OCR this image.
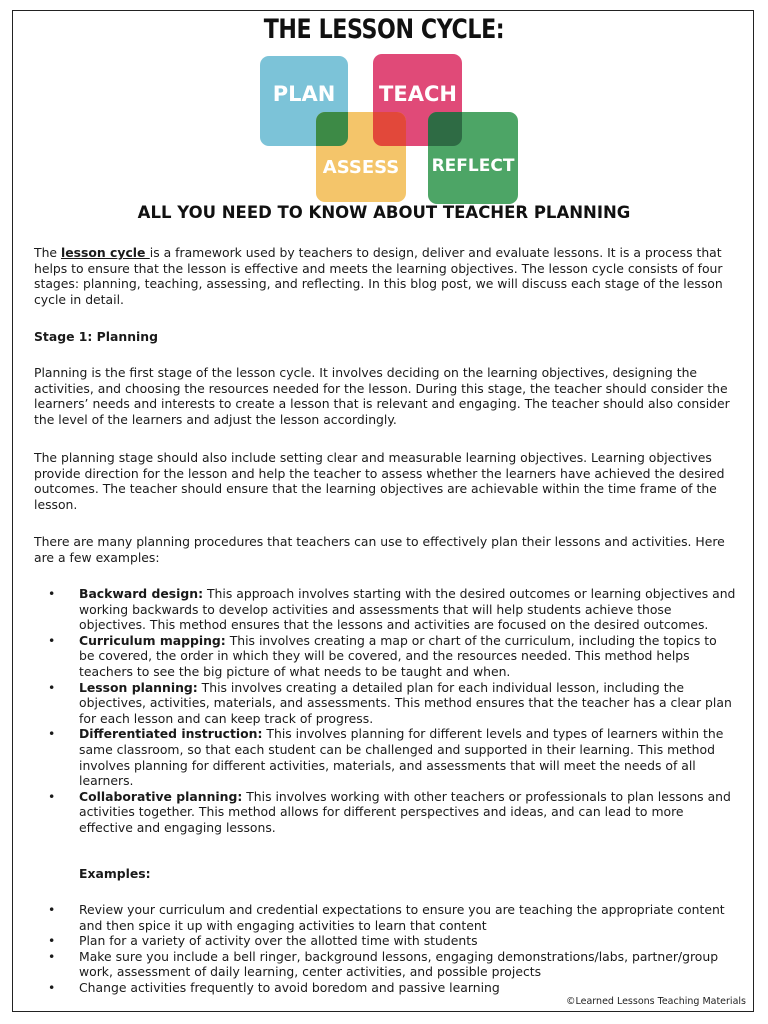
THE LESSON CYCLE:
PLAN TEACH
ASSESS REFLECT
ALL YOU NEED TO KNOW ABOUT TEACHER PLANNING
The lesson cycle is a framework used by teachers to design, deliver and evaluate lessons. It is a process that helps to ensure that the lesson is effective and meets the learning objectives. The lesson cycle consists of four stages: planning, teaching, assessing, and reflecting. In this blog post, we will discuss each stage of the lesson cycle in detail.
Stage 1: Planning
Planning is the first stage of the lesson cycle. It involves deciding on the learning objectives, designing the activities, and choosing the resources needed for the lesson. During this stage, the teacher should consider the learners’ needs and interests to create a lesson that is relevant and engaging. The teacher should also consider the level of the learners and adjust the lesson accordingly.
The planning stage should also include setting clear and measurable learning objectives. Learning objectives provide direction for the lesson and help the teacher to assess whether the learners have achieved the desired outcomes. The teacher should ensure that the learning objectives are achievable within the time frame of the lesson.
There are many planning procedures that teachers can use to effectively plan their lessons and activities. Here are a few examples:
• Backward design: This approach involves starting with the desired outcomes or learning objectives and working backwards to develop activities and assessments that will help students achieve those objectives. This method ensures that the lessons and activities are focused on the desired outcomes.
• Curriculum mapping: This involves creating a map or chart of the curriculum, including the topics to be covered, the order in which they will be covered, and the resources needed. This method helps teachers to see the big picture of what needs to be taught and when.
• Lesson planning: This involves creating a detailed plan for each individual lesson, including the objectives, activities, materials, and assessments. This method ensures that the teacher has a clear plan for each lesson and can keep track of progress.
• Differentiated instruction: This involves planning for different levels and types of learners within the same classroom, so that each student can be challenged and supported in their learning. This method involves planning for different activities, materials, and assessments that will meet the needs of all learners.
• Collaborative planning: This involves working with other teachers or professionals to plan lessons and activities together. This method allows for different perspectives and ideas, and can lead to more effective and engaging lessons.
Examples:
• Review your curriculum and credential expectations to ensure you are teaching the appropriate content and then spice it up with engaging activities to learn that content
• Plan for a variety of activity over the allotted time with students
• Make sure you include a bell ringer, background lessons, engaging demonstrations/labs, partner/group work, assessment of daily learning, center activities, and possible projects
• Change activities frequently to avoid boredom and passive learning
©Learned Lessons Teaching Materials
